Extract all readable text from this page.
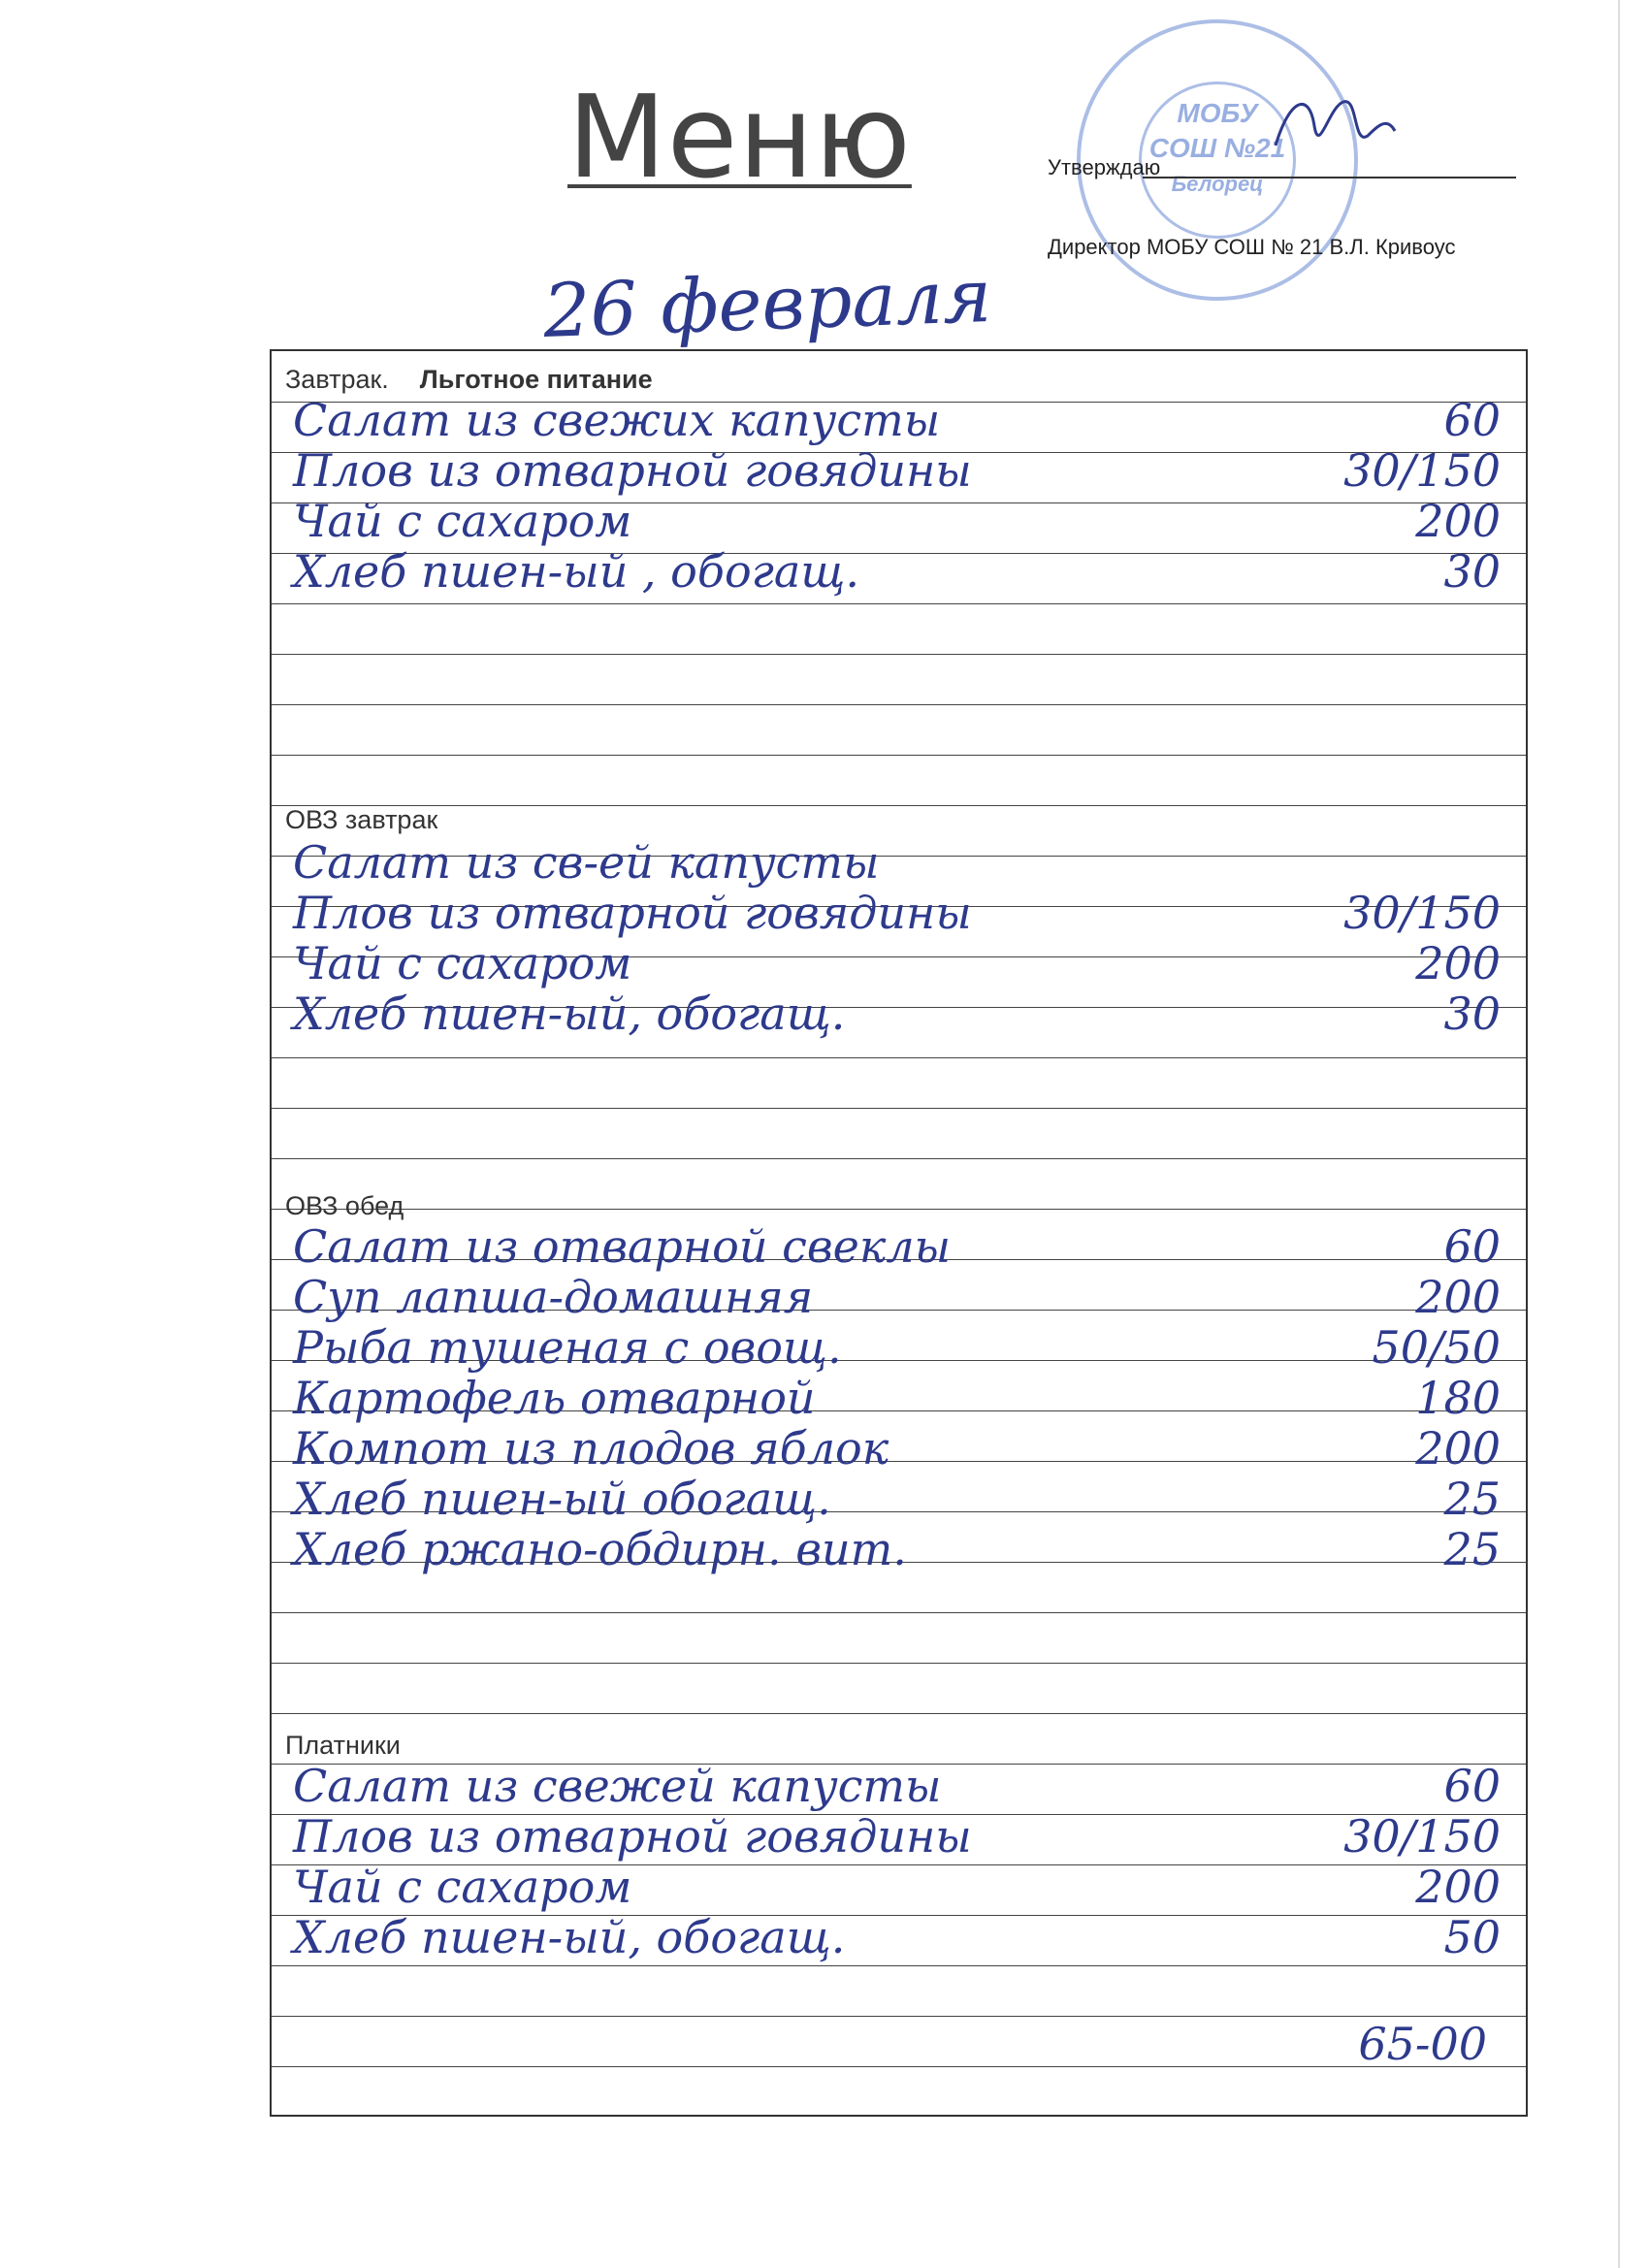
Меню	МОБУ
СОШ №21
Белорец
Утверждаю
Директор МОБУ СОШ № 21 В.Л. Кривоус
26 февраля
Завтрак. Льготное питание
Салат из свежих капусты	60
Плов из отварной говядины	30/150
Чай с сахаром	200
Хлеб пшен-ый , обогащ.	30
ОВЗ завтрак
Салат из св-ей капусты
Плов из отварной говядины	30/150
Чай с сахаром	200
Хлеб пшен-ый, обогащ.	30
ОВЗ обед
Салат из отварной свеклы	60
Суп лапша-домашняя	200
Рыба тушеная с овощ.	50/50
Картофель отварной	180
Компот из плодов яблок	200
Хлеб пшен-ый обогащ.	25
Хлеб ржано-обдирн. вит.	25
Платники
Салат из свежей капусты	60
Плов из отварной говядины	30/150
Чай с сахаром	200
Хлеб пшен-ый, обогащ.	50
65-00
